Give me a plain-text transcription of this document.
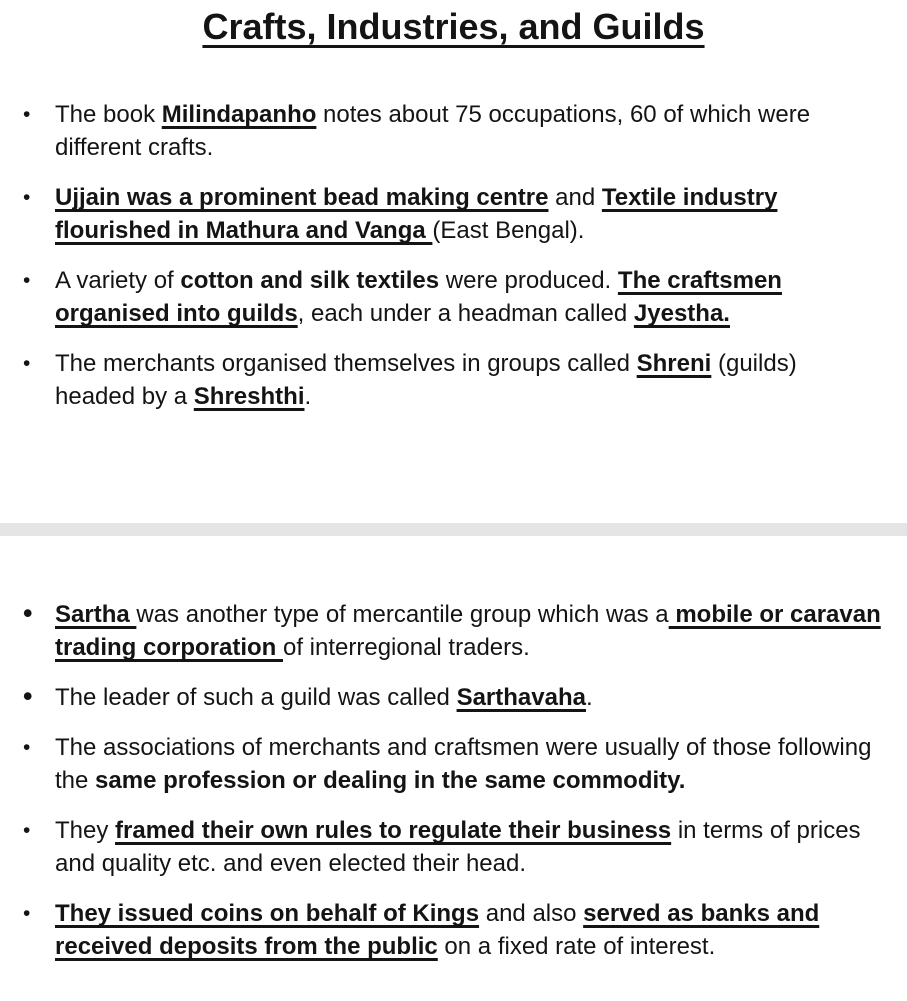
Crafts, Industries, and Guilds
• The book Milindapanho notes about 75 occupations, 60 of which were different crafts.
• Ujjain was a prominent bead making centre and Textile industry flourished in Mathura and Vanga (East Bengal).
• A variety of cotton and silk textiles were produced. The craftsmen organised into guilds, each under a headman called Jyestha.
• The merchants organised themselves in groups called Shreni (guilds) headed by a Shreshthi.
• Sartha was another type of mercantile group which was a mobile or caravan trading corporation of interregional traders.
• The leader of such a guild was called Sarthavaha.
• The associations of merchants and craftsmen were usually of those following the same profession or dealing in the same commodity.
• They framed their own rules to regulate their business in terms of prices and quality etc. and even elected their head.
• They issued coins on behalf of Kings and also served as banks and received deposits from the public on a fixed rate of interest.
